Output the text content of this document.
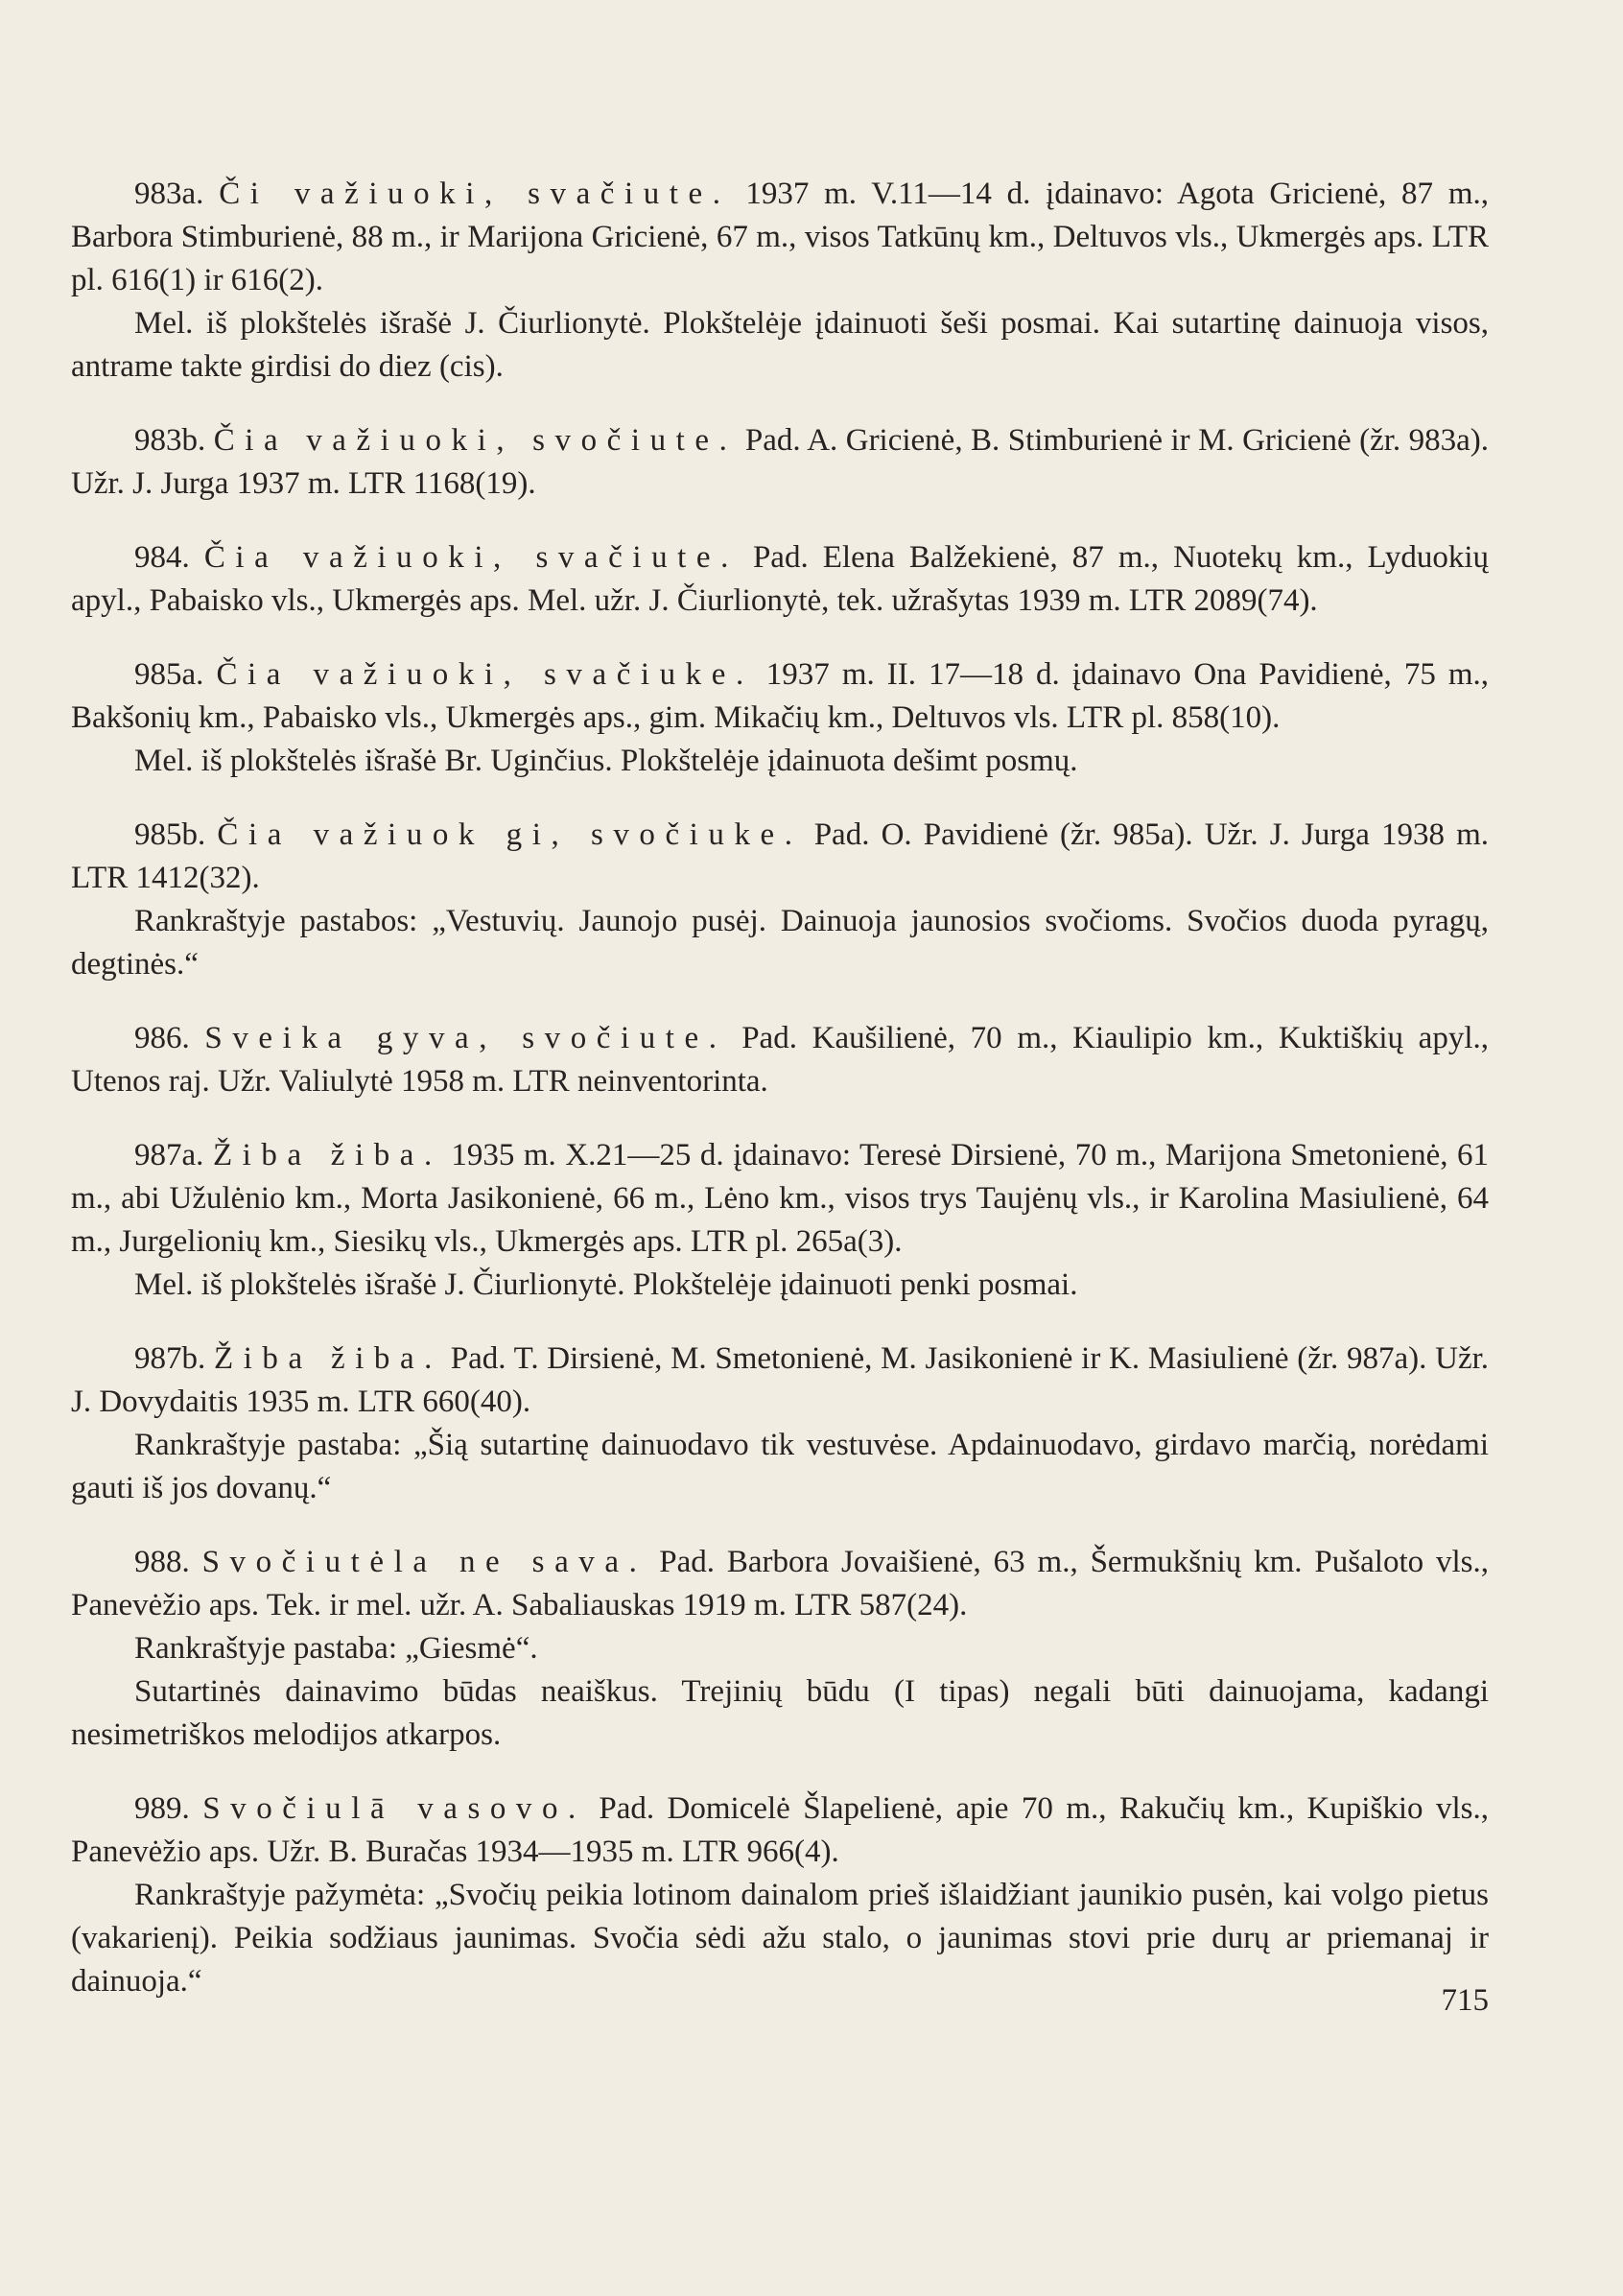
983a. Či važiuoki, svačiute. 1937 m. V.11—14 d. įdainavo: Agota Gricienė, 87 m., Barbora Stimburienė, 88 m., ir Marijona Gricienė, 67 m., visos Tatkūnų km., Deltuvos vls., Ukmergės aps. LTR pl. 616(1) ir 616(2).

Mel. iš plokštelės išrašė J. Čiurlionytė. Plokštelėje įdainuoti šeši posmai. Kai sutartinę dainuoja visos, antrame takte girdisi do diez (cis).

983b. Čia važiuoki, svočiute. Pad. A. Gricienė, B. Stimburienė ir M. Gricienė (žr. 983a). Užr. J. Jurga 1937 m. LTR 1168(19).

984. Čia važiuoki, svačiute. Pad. Elena Balžekienė, 87 m., Nuotekų km., Lyduokių apyl., Pabaisko vls., Ukmergės aps. Mel. užr. J. Čiurlionytė, tek. užrašytas 1939 m. LTR 2089(74).

985a. Čia važiuoki, svačiuke. 1937 m. II. 17—18 d. įdainavo Ona Pavidienė, 75 m., Bakšonių km., Pabaisko vls., Ukmergės aps., gim. Mikačių km., Deltuvos vls. LTR pl. 858(10).

Mel. iš plokštelės išrašė Br. Uginčius. Plokštelėje įdainuota dešimt posmų.

985b. Čia važiuok gi, svočiuke. Pad. O. Pavidienė (žr. 985a). Užr. J. Jurga 1938 m. LTR 1412(32).

Rankraštyje pastabos: „Vestuvių. Jaunojo pusėj. Dainuoja jaunosios svočioms. Svočios duoda pyragų, degtinės.“

986. Sveika gyva, svočiute. Pad. Kaušilienė, 70 m., Kiaulipio km., Kuktiškių apyl., Utenos raj. Užr. Valiulytė 1958 m. LTR neinventorinta.

987a. Žiba žiba. 1935 m. X.21—25 d. įdainavo: Teresė Dirsienė, 70 m., Marijona Smetonienė, 61 m., abi Užulėnio km., Morta Jasikonienė, 66 m., Lėno km., visos trys Taujėnų vls., ir Karolina Masiulienė, 64 m., Jurgelionių km., Siesikų vls., Ukmergės aps. LTR pl. 265a(3).

Mel. iš plokštelės išrašė J. Čiurlionytė. Plokštelėje įdainuoti penki posmai.

987b. Žiba žiba. Pad. T. Dirsienė, M. Smetonienė, M. Jasikonienė ir K. Masiulienė (žr. 987a). Užr. J. Dovydaitis 1935 m. LTR 660(40).

Rankraštyje pastaba: „Šią sutartinę dainuodavo tik vestuvėse. Apdainuodavo, girdavo marčią, norėdami gauti iš jos dovanų.“

988. Svočiutėla ne sava. Pad. Barbora Jovaišienė, 63 m., Šermukšnių km. Pušaloto vls., Panevėžio aps. Tek. ir mel. užr. A. Sabaliauskas 1919 m. LTR 587(24).

Rankraštyje pastaba: „Giesmė“.

Sutartinės dainavimo būdas neaiškus. Trejinių būdu (I tipas) negali būti dainuojama, kadangi nesimetriškos melodijos atkarpos.

989. Svočiulā vasovo. Pad. Domicelė Šlapelienė, apie 70 m., Rakučių km., Kupiškio vls., Panevėžio aps. Užr. B. Buračas 1934—1935 m. LTR 966(4).

Rankraštyje pažymėta: „Svočių peikia lotinom dainalom prieš išlaidžiant jaunikio pusėn, kai volgo pietus (vakarienį). Peikia sodžiaus jaunimas. Svočia sėdi ažu stalo, o jaunimas stovi prie durų ar priemanaj ir dainuoja.“

715
